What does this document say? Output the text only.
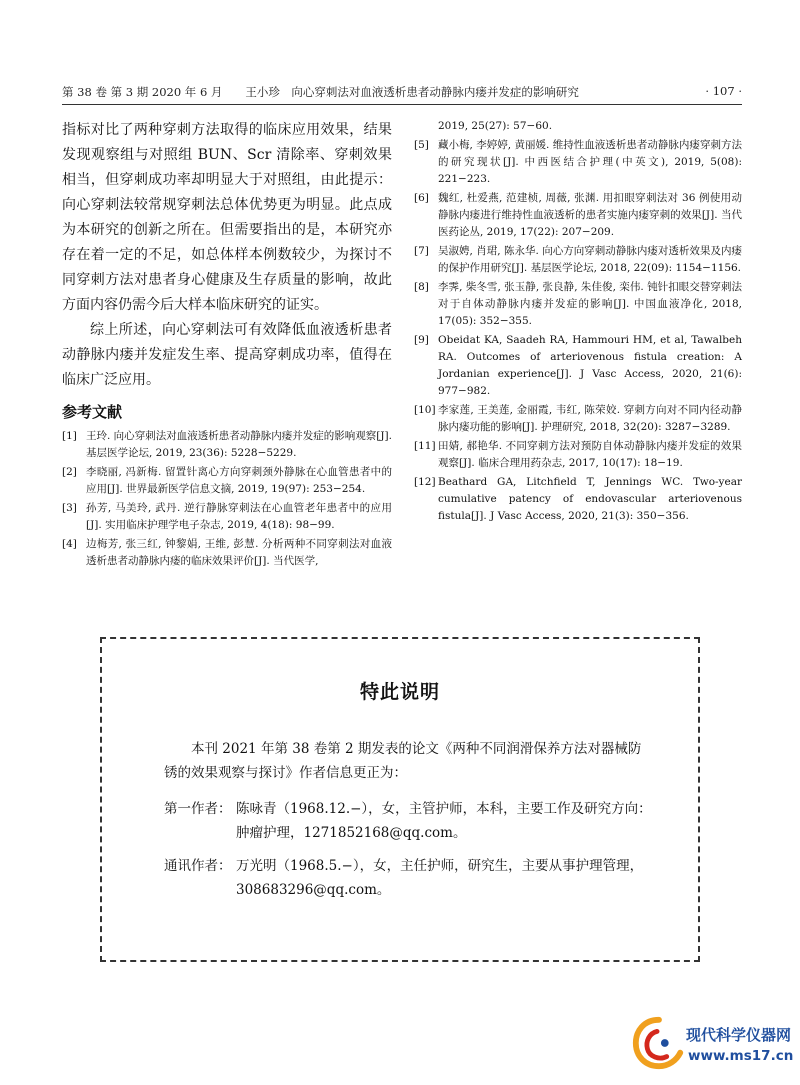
第 38 卷 第 3 期 2020 年 6 月　　王小珍　向心穿刺法对血液透析患者动静脉内瘘并发症的影响研究	· 107 ·

指标对比了两种穿刺方法取得的临床应用效果，结果发现观察组与对照组 BUN、Scr 清除率、穿刺效果相当，但穿刺成功率却明显大于对照组，由此提示：向心穿刺法较常规穿刺法总体优势更为明显。此点成为本研究的创新之所在。但需要指出的是，本研究亦存在着一定的不足，如总体样本例数较少，为探讨不同穿刺方法对患者身心健康及生存质量的影响，故此方面内容仍需今后大样本临床研究的证实。

综上所述，向心穿刺法可有效降低血液透析患者动静脉内瘘并发症发生率、提高穿刺成功率，值得在临床广泛应用。

参考文献
[1] 王玲. 向心穿刺法对血液透析患者动静脉内瘘并发症的影响观察[J]. 基层医学论坛, 2019, 23(36): 5228−5229.
[2] 李晓丽, 冯新梅. 留置针离心方向穿刺颈外静脉在心血管患者中的应用[J]. 世界最新医学信息文摘, 2019, 19(97): 253−254.
[3] 孙芳, 马美玲, 武丹. 逆行静脉穿刺法在心血管老年患者中的应用[J]. 实用临床护理学电子杂志, 2019, 4(18): 98−99.
[4] 边梅芳, 张三红, 钟黎娟, 王维, 彭慧. 分析两种不同穿刺法对血液透析患者动静脉内瘘的临床效果评价[J]. 当代医学,
2019, 25(27): 57−60.
[5] 藏小梅, 李婷婷, 黄丽媛. 维持性血液透析患者动静脉内瘘穿刺方法的研究现状[J]. 中西医结合护理(中英文), 2019, 5(08): 221−223.
[6] 魏红, 杜爱燕, 范建桢, 周薇, 张渊. 用扣眼穿刺法对 36 例使用动静脉内瘘进行维持性血液透析的患者实施内瘘穿刺的效果[J]. 当代医药论丛, 2019, 17(22): 207−209.
[7] 吴淑娉, 肖珺, 陈永华. 向心方向穿刺动静脉内瘘对透析效果及内瘘的保护作用研究[J]. 基层医学论坛, 2018, 22(09): 1154−1156.
[8] 李霁, 柴冬雪, 张玉静, 张良静, 朱佳俊, 栾伟. 钝针扣眼交替穿刺法对于自体动静脉内瘘并发症的影响[J]. 中国血液净化, 2018, 17(05): 352−355.
[9] Obeidat KA, Saadeh RA, Hammouri HM, et al, Tawalbeh RA. Outcomes of arteriovenous fistula creation: A Jordanian experience[J]. J Vasc Access, 2020, 21(6): 977−982.
[10] 李家莲, 王美莲, 金丽霞, 韦红, 陈荣姣. 穿刺方向对不同内径动静脉内瘘功能的影响[J]. 护理研究, 2018, 32(20): 3287−3289.
[11] 田婧, 郝艳华. 不同穿刺方法对预防自体动静脉内瘘并发症的效果观察[J]. 临床合理用药杂志, 2017, 10(17): 18−19.
[12] Beathard GA, Litchfield T, Jennings WC. Two-year cumulative patency of endovascular arteriovenous fistula[J]. J Vasc Access, 2020, 21(3): 350−356.
特此说明

本刊 2021 年第 38 卷第 2 期发表的论文《两种不同润滑保养方法对器械防锈的效果观察与探讨》作者信息更正为：

第一作者： 陈咏青（1968.12.−），女，主管护师，本科，主要工作及研究方向：肿瘤护理，1271852168@qq.com。
通讯作者： 万光明（1968.5.−），女，主任护师，研究生，主要从事护理管理，308683296@qq.com。
现代科学仪器网
www.ms17.cn
